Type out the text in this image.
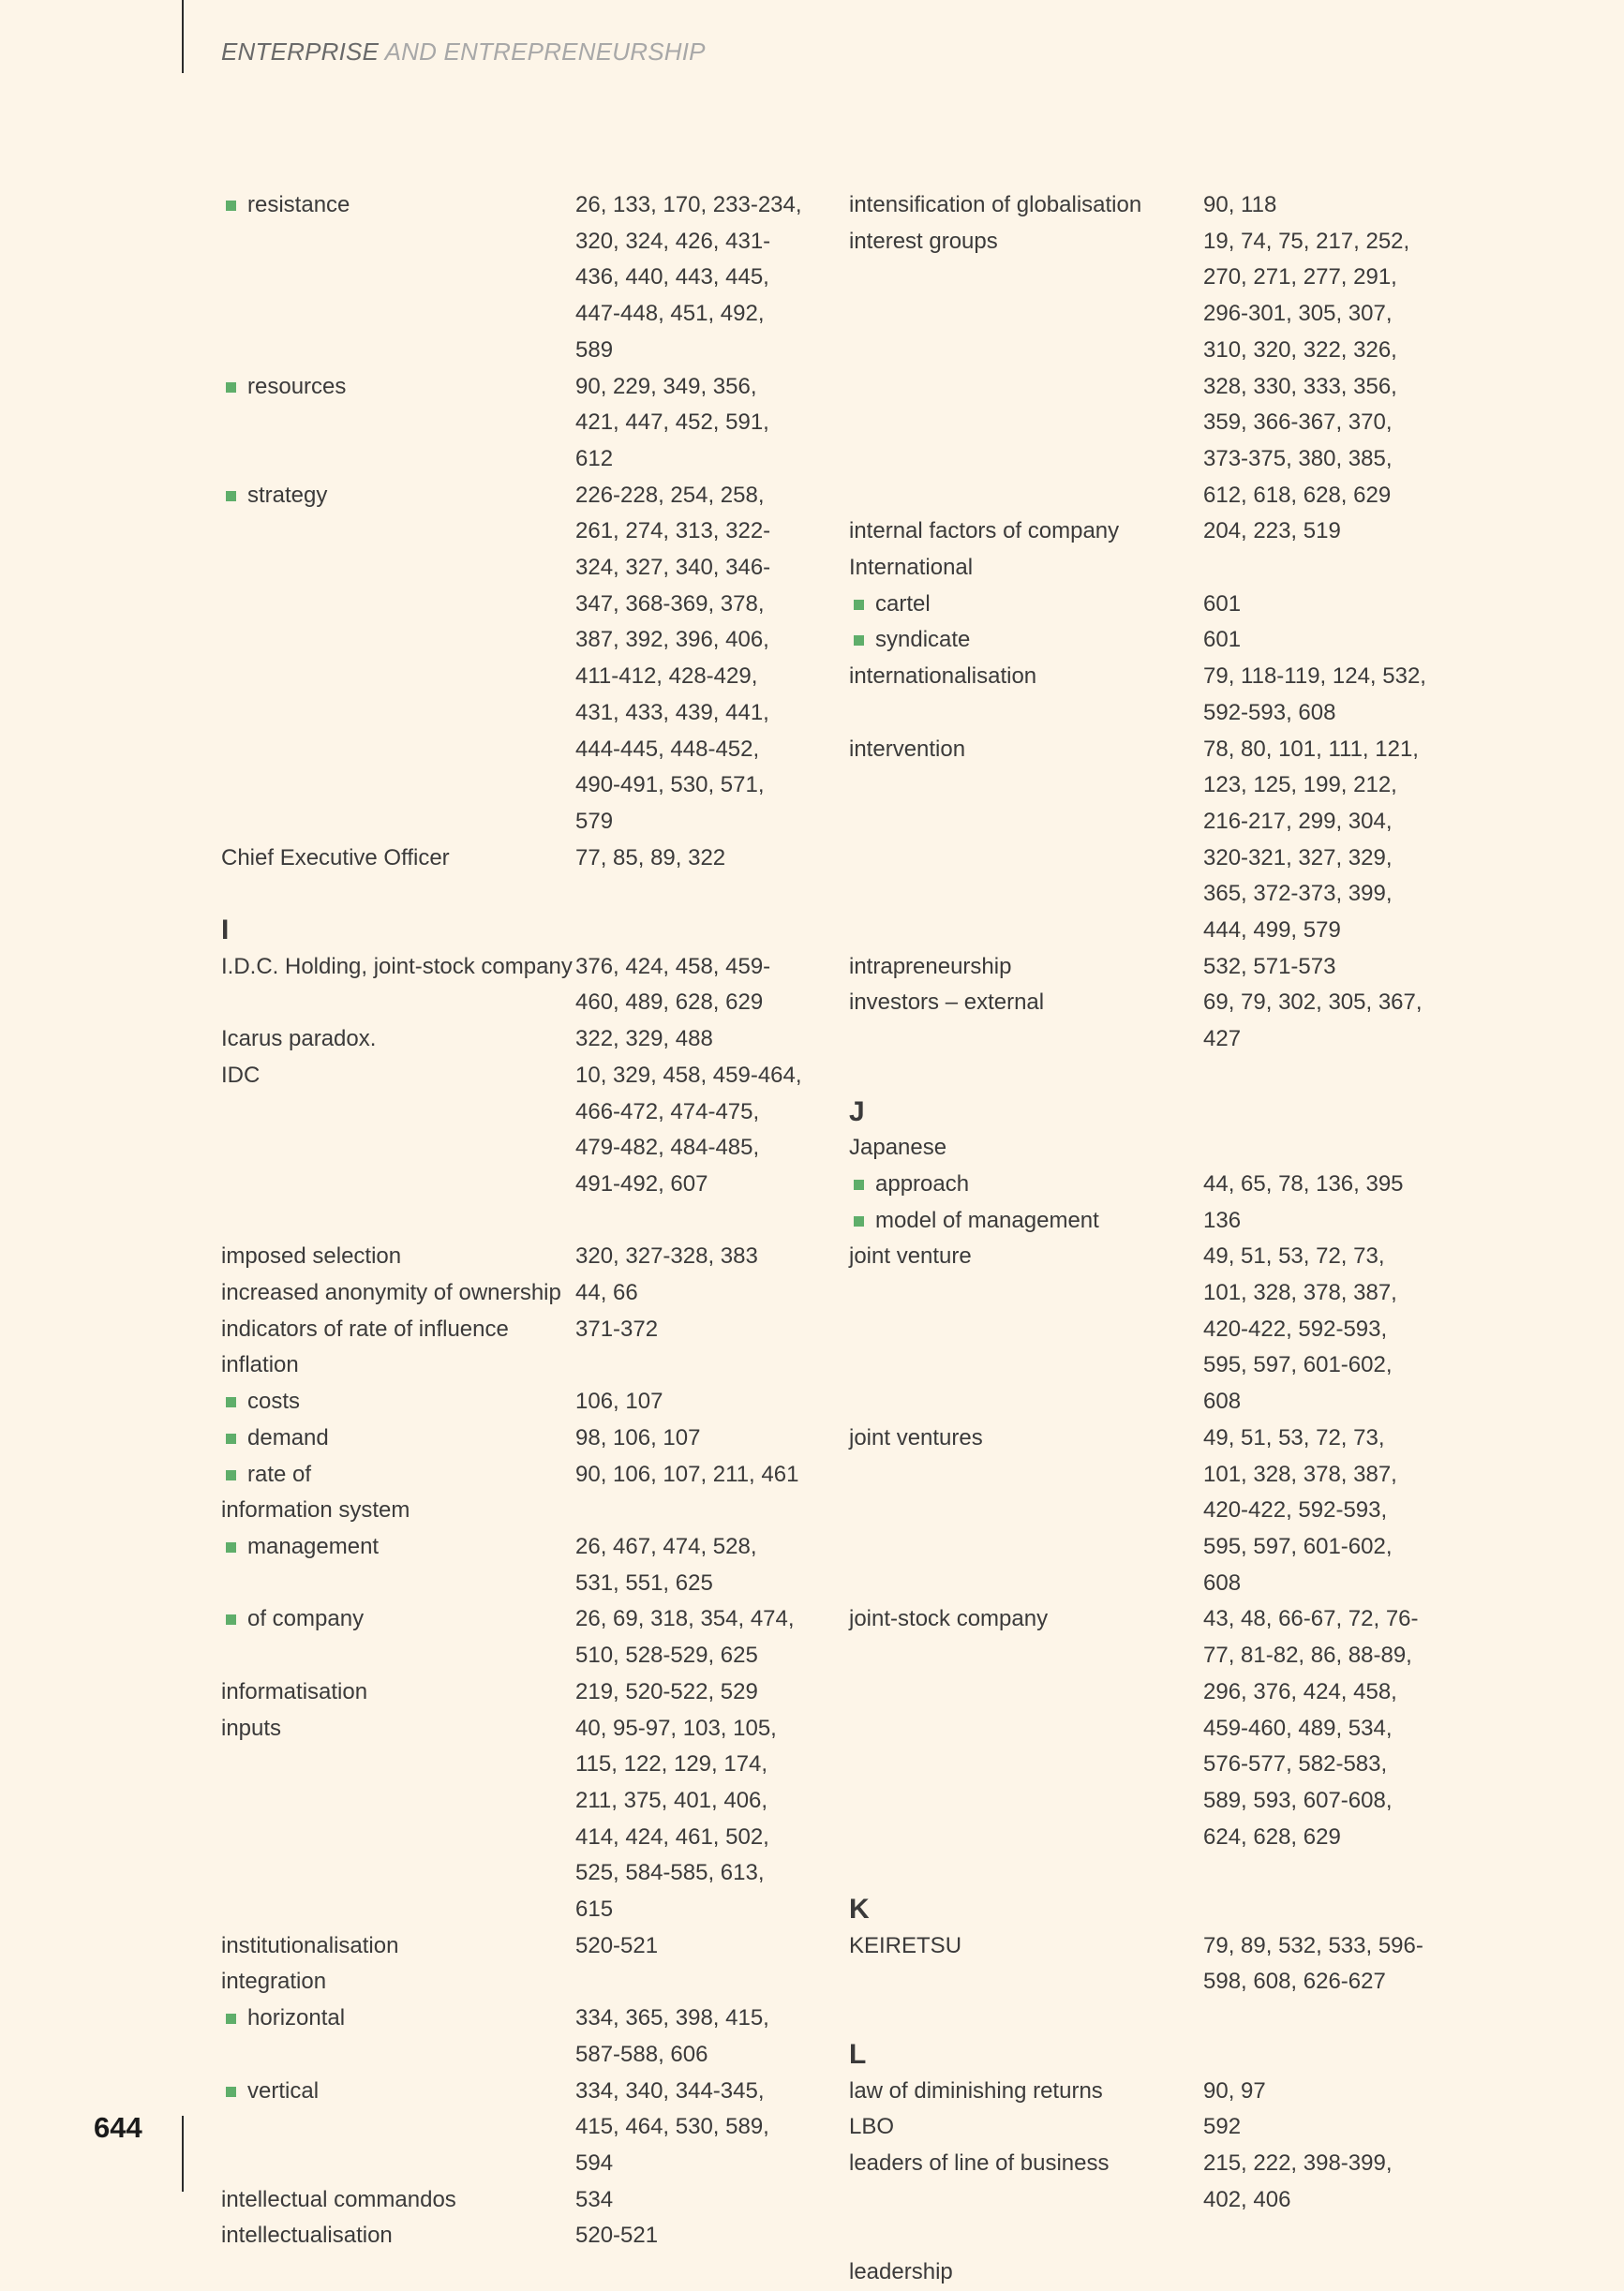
ENTERPRISE AND ENTREPRENEURSHIP
resistance	26, 133, 170, 233-234, 320, 324, 426, 431-436, 440, 443, 445, 447-448, 451, 492, 589
resources	90, 229, 349, 356, 421, 447, 452, 591, 612
strategy	226-228, 254, 258, 261, 274, 313, 322-324, 327, 340, 346-347, 368-369, 378, 387, 392, 396, 406, 411-412, 428-429, 431, 433, 439, 441, 444-445, 448-452, 490-491, 530, 571, 579
Chief Executive Officer	77, 85, 89, 322
I
I.D.C. Holding, joint-stock company 376, 424, 458, 459-460, 489, 628, 629
Icarus paradox.	322, 329, 488
IDC	10, 329, 458, 459-464, 466-472, 474-475, 479-482, 484-485, 491-492, 607

imposed selection	320, 327-328, 383
increased anonymity of ownership 44, 66
indicators of rate of influence	371-372
inflation
costs	106, 107
demand	98, 106, 107
rate of	90, 106, 107, 211, 461
information system
management	26, 467, 474, 528, 531, 551, 625
of company	26, 69, 318, 354, 474, 510, 528-529, 625
informatisation	219, 520-522, 529
inputs	40, 95-97, 103, 105, 115, 122, 129, 174, 211, 375, 401, 406, 414, 424, 461, 502, 525, 584-585, 613, 615
institutionalisation	520-521
integration
horizontal	334, 365, 398, 415, 587-588, 606
vertical	334, 340, 344-345, 415, 464, 530, 589, 594
intellectual commandos	534
intellectualisation	520-521
intensification of globalisation	90, 118
interest groups	19, 74, 75, 217, 252, 270, 271, 277, 291, 296-301, 305, 307, 310, 320, 322, 326, 328, 330, 333, 356, 359, 366-367, 370, 373-375, 380, 385, 612, 618, 628, 629
internal factors of company	204, 223, 519
International
cartel	601
syndicate	601
internationalisation	79, 118-119, 124, 532, 592-593, 608
intervention	78, 80, 101, 111, 121, 123, 125, 199, 212, 216-217, 299, 304, 320-321, 327, 329, 365, 372-373, 399, 444, 499, 579
intrapreneurship	532, 571-573
investors – external	69, 79, 302, 305, 367, 427
J
Japanese
approach	44, 65, 78, 136, 395
model of management	136
joint venture	49, 51, 53, 72, 73, 101, 328, 378, 387, 420-422, 592-593, 595, 597, 601-602, 608
joint ventures	49, 51, 53, 72, 73, 101, 328, 378, 387, 420-422, 592-593, 595, 597, 601-602, 608
joint-stock company	43, 48, 66-67, 72, 76-77, 81-82, 86, 88-89, 296, 376, 424, 458, 459-460, 489, 534, 576-577, 582-583, 589, 593, 607-608, 624, 628, 629
K
KEIRETSU	79, 89, 532, 533, 596-598, 608, 626-627
L
law of diminishing returns	90, 97
LBO	592
leaders of line of business	215, 222, 398-399, 402, 406

leadership
644
